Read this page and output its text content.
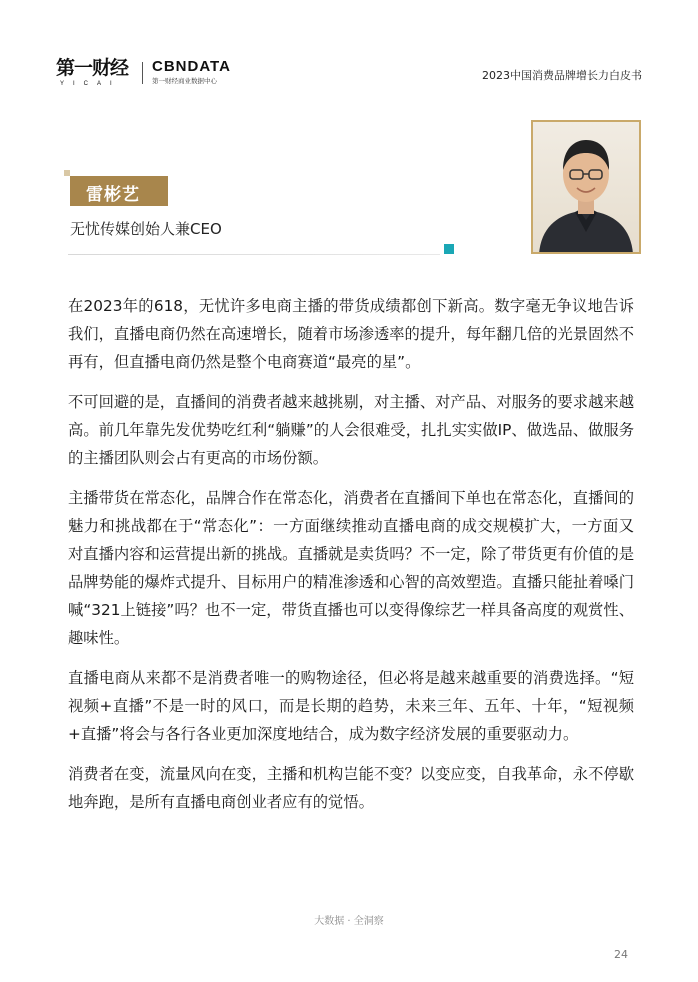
第一财经
YICAI
CBNDATA
第一财经商业数据中心	2023中国消费品牌增长力白皮书
雷彬艺
无忧传媒创始人兼CEO

在2023年的618，无忧许多电商主播的带货成绩都创下新高。数字毫无争议地告诉我们，直播电商仍然在高速增长，随着市场渗透率的提升，每年翻几倍的光景固然不再有，但直播电商仍然是整个电商赛道“最亮的星”。

不可回避的是，直播间的消费者越来越挑剔，对主播、对产品、对服务的要求越来越高。前几年靠先发优势吃红利“躺赚”的人会很难受，扎扎实实做IP、做选品、做服务的主播团队则会占有更高的市场份额。

主播带货在常态化，品牌合作在常态化，消费者在直播间下单也在常态化，直播间的魅力和挑战都在于“常态化”：一方面继续推动直播电商的成交规模扩大，一方面又对直播内容和运营提出新的挑战。直播就是卖货吗？不一定，除了带货更有价值的是品牌势能的爆炸式提升、目标用户的精准渗透和心智的高效塑造。直播只能扯着嗓门喊“321上链接”吗？也不一定，带货直播也可以变得像综艺一样具备高度的观赏性、趣味性。

直播电商从来都不是消费者唯一的购物途径，但必将是越来越重要的消费选择。“短视频+直播”不是一时的风口，而是长期的趋势，未来三年、五年、十年，“短视频+直播”将会与各行各业更加深度地结合，成为数字经济发展的重要驱动力。

消费者在变，流量风向在变，主播和机构岂能不变？以变应变，自我革命，永不停歇地奔跑，是所有直播电商创业者应有的觉悟。

大数据 · 全洞察
24
